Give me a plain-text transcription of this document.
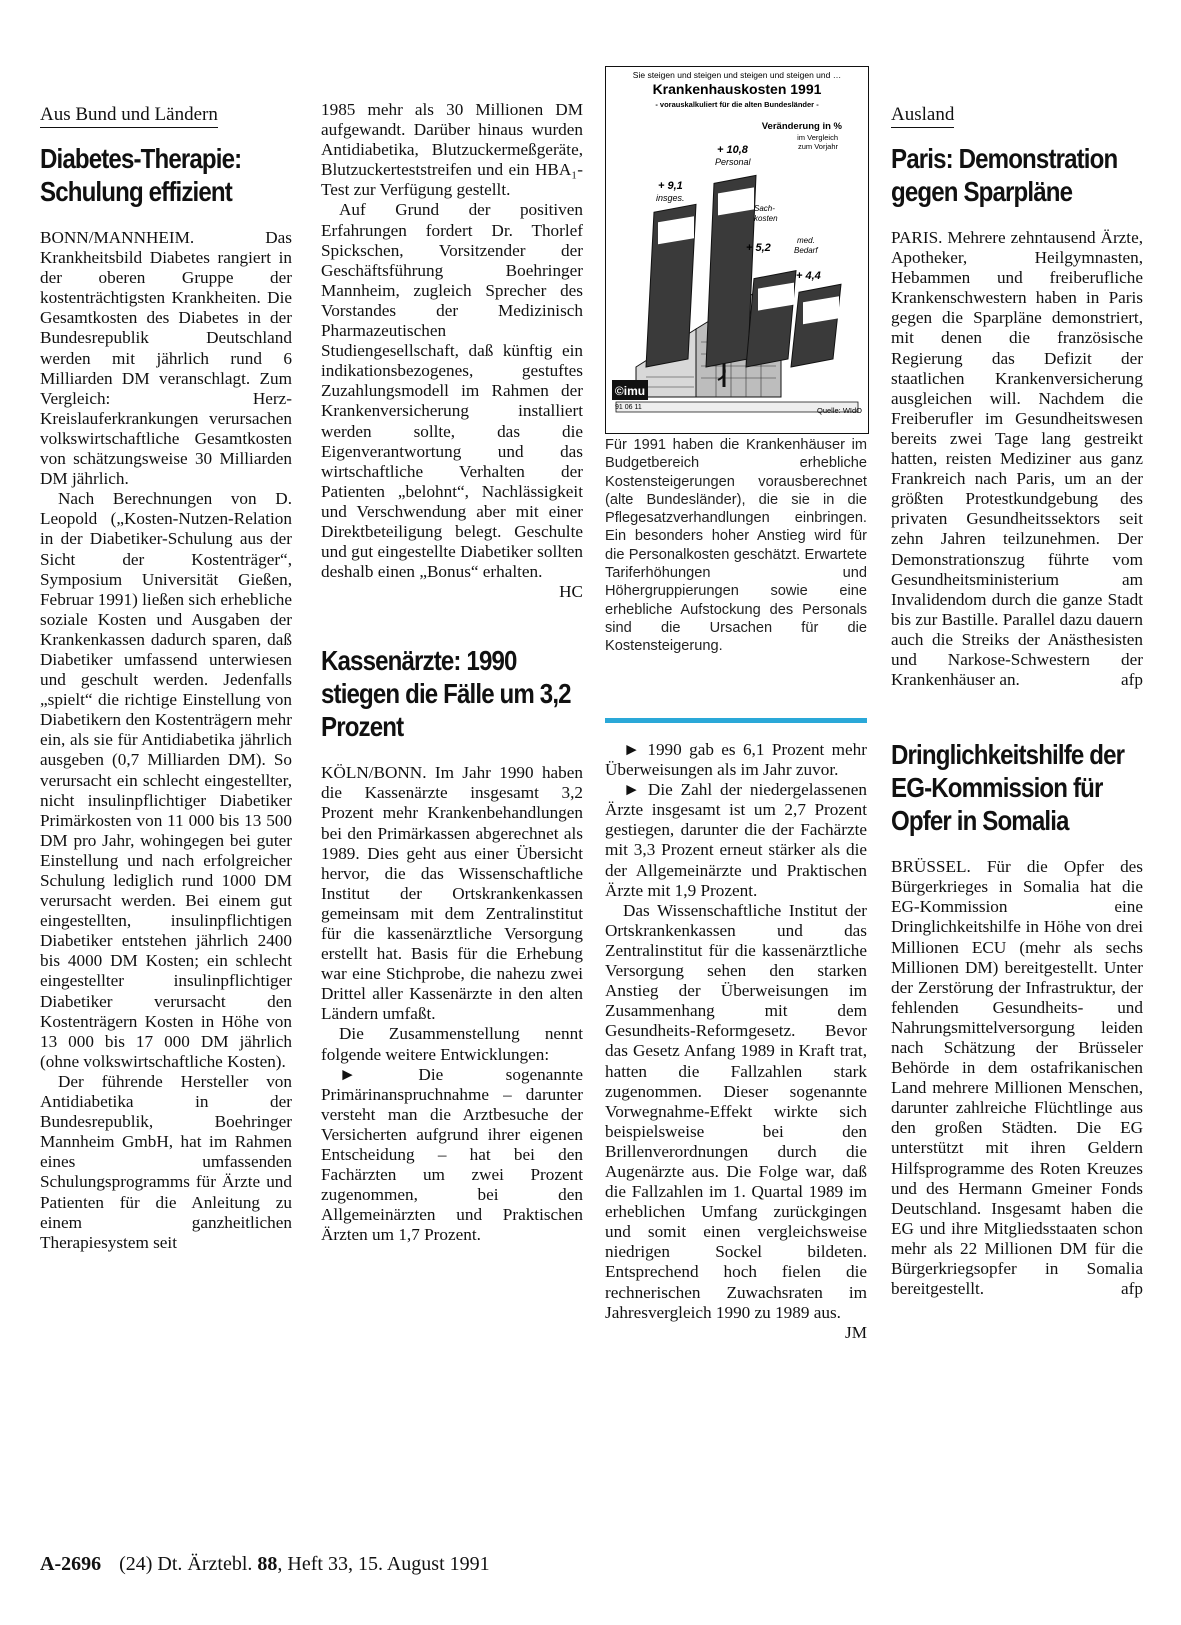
Aus Bund und Ländern
Diabetes-Therapie: Schulung effizient

BONN/MANNHEIM. Das Krankheitsbild Diabetes rangiert in der oberen Gruppe der kostenträchtigsten Krankheiten. Die Gesamtkosten des Diabetes in der Bundesrepublik Deutschland werden mit jährlich rund 6 Milliarden DM veranschlagt. Zum Vergleich: Herz-Kreislauferkrankungen verursachen volkswirtschaftliche Gesamtkosten von schätzungsweise 30 Milliarden DM jährlich.

Nach Berechnungen von D. Leopold („Kosten-Nutzen-Relation in der Diabetiker-Schulung aus der Sicht der Kostenträger“, Symposium Universität Gießen, Februar 1991) ließen sich erhebliche soziale Kosten und Ausgaben der Krankenkassen dadurch sparen, daß Diabetiker umfassend unterwiesen und geschult werden. Jedenfalls „spielt“ die richtige Einstellung von Diabetikern den Kostenträgern mehr ein, als sie für Antidiabetika jährlich ausgeben (0,7 Milliarden DM). So verursacht ein schlecht eingestellter, nicht insulinpflichtiger Diabetiker Primärkosten von 11 000 bis 13 500 DM pro Jahr, wohingegen bei guter Einstellung und nach erfolgreicher Schulung lediglich rund 1000 DM verursacht werden. Bei einem gut eingestellten, insulinpflichtigen Diabetiker entstehen jährlich 2400 bis 4000 DM Kosten; ein schlecht eingestellter insulinpflichtiger Diabetiker verursacht den Kostenträgern Kosten in Höhe von 13 000 bis 17 000 DM jährlich (ohne volkswirtschaftliche Kosten).

Der führende Hersteller von Antidiabetika in der Bundesrepublik, Boehringer Mannheim GmbH, hat im Rahmen eines umfassenden Schulungsprogramms für Ärzte und Patienten für die Anleitung zu einem ganzheitlichen Therapiesystem seit

1985 mehr als 30 Millionen DM aufgewandt. Darüber hinaus wurden Antidiabetika, Blutzuckermeßgeräte, Blutzuckerteststreifen und ein HBA₁-Test zur Verfügung gestellt.

Auf Grund der positiven Erfahrungen fordert Dr. Thorlef Spickschen, Vorsitzender der Geschäftsführung Boehringer Mannheim, zugleich Sprecher des Vorstandes der Medizinisch Pharmazeutischen Studiengesellschaft, daß künftig ein indikationsbezogenes, gestuftes Zuzahlungsmodell im Rahmen der Krankenversicherung installiert werden sollte, das die Eigenverantwortung und das wirtschaftliche Verhalten der Patienten „belohnt“, Nachlässigkeit und Verschwendung aber mit einer Direktbeteiligung belegt. Geschulte und gut eingestellte Diabetiker sollten deshalb einen „Bonus“ erhalten.
HC

Kassenärzte: 1990 stiegen die Fälle um 3,2 Prozent

KÖLN/BONN. Im Jahr 1990 haben die Kassenärzte insgesamt 3,2 Prozent mehr Krankenbehandlungen bei den Primärkassen abgerechnet als 1989. Dies geht aus einer Übersicht hervor, die das Wissenschaftliche Institut der Ortskrankenkassen gemeinsam mit dem Zentralinstitut für die kassenärztliche Versorgung erstellt hat. Basis für die Erhebung war eine Stichprobe, die nahezu zwei Drittel aller Kassenärzte in den alten Ländern umfaßt.

Die Zusammenstellung nennt folgende weitere Entwicklungen:

► Die sogenannte Primärinanspruchnahme – darunter versteht man die Arztbesuche der Versicherten aufgrund ihrer eigenen Entscheidung – hat bei den Fachärzten um zwei Prozent zugenommen, bei den Allgemeinärzten und Praktischen Ärzten um 1,7 Prozent.

Sie steigen und steigen und steigen und steigen und …
Krankenhauskosten 1991
- vorauskalkuliert für die alten Bundesländer -
Veränderung in %
im Vergleich
zum Vorjahr
+ 9,1
insges.
+ 10,8
Personal
Sach-
kosten
+ 5,2
med.
Bedarf
+ 4,4
©imu
91 06 11	Quelle: WIdO
Für 1991 haben die Krankenhäuser im Budgetbereich erhebliche Kostensteigerungen vorausberechnet (alte Bundesländer), die sie in die Pflegesatzverhandlungen einbringen. Ein besonders hoher Anstieg wird für die Personalkosten geschätzt. Erwartete Tariferhöhungen und Höhergruppierungen sowie eine erhebliche Aufstockung des Personals sind die Ursachen für die Kostensteigerung.

► 1990 gab es 6,1 Prozent mehr Überweisungen als im Jahr zuvor.

► Die Zahl der niedergelassenen Ärzte insgesamt ist um 2,7 Prozent gestiegen, darunter die der Fachärzte mit 3,3 Prozent erneut stärker als die der Allgemeinärzte und Praktischen Ärzte mit 1,9 Prozent.

Das Wissenschaftliche Institut der Ortskrankenkassen und das Zentralinstitut für die kassenärztliche Versorgung sehen den starken Anstieg der Überweisungen im Zusammenhang mit dem Gesundheits-Reformgesetz. Bevor das Gesetz Anfang 1989 in Kraft trat, hatten die Fallzahlen stark zugenommen. Dieser sogenannte Vorwegnahme-Effekt wirkte sich beispielsweise bei den Brillenverordnungen durch die Augenärzte aus. Die Folge war, daß die Fallzahlen im 1. Quartal 1989 im erheblichen Umfang zurückgingen und somit einen vergleichsweise niedrigen Sockel bildeten. Entsprechend hoch fielen die rechnerischen Zuwachsraten im Jahresvergleich 1990 zu 1989 aus.
JM

Ausland
Paris: Demonstration gegen Sparpläne

PARIS. Mehrere zehntausend Ärzte, Apotheker, Heilgymnasten, Hebammen und freiberufliche Krankenschwestern haben in Paris gegen die Sparpläne demonstriert, mit denen die französische Regierung das Defizit der staatlichen Krankenversicherung ausgleichen will. Nachdem die Freiberufler im Gesundheitswesen bereits zwei Tage lang gestreikt hatten, reisten Mediziner aus ganz Frankreich nach Paris, um an der größten Protestkundgebung des privaten Gesundheitssektors seit zehn Jahren teilzunehmen. Der Demonstrationszug führte vom Gesundheitsministerium am Invalidendom durch die ganze Stadt bis zur Bastille. Parallel dazu dauern auch die Streiks der Anästhesisten und Narkose-Schwestern der Krankenhäuser an.	afp

Dringlichkeitshilfe der EG-Kommission für Opfer in Somalia

BRÜSSEL. Für die Opfer des Bürgerkrieges in Somalia hat die EG-Kommission eine Dringlichkeitshilfe in Höhe von drei Millionen ECU (mehr als sechs Millionen DM) bereitgestellt. Unter der Zerstörung der Infrastruktur, der fehlenden Gesundheits- und Nahrungsmittelversorgung leiden nach Schätzung der Brüsseler Behörde in dem ostafrikanischen Land mehrere Millionen Menschen, darunter zahlreiche Flüchtlinge aus den großen Städten. Die EG unterstützt mit ihren Geldern Hilfsprogramme des Roten Kreuzes und des Hermann Gmeiner Fonds Deutschland. Insgesamt haben die EG und ihre Mitgliedsstaaten schon mehr als 22 Millionen DM für die Bürgerkriegsopfer in Somalia bereitgestellt.	afp

A-2696 (24) Dt. Ärztebl. 88, Heft 33, 15. August 1991
